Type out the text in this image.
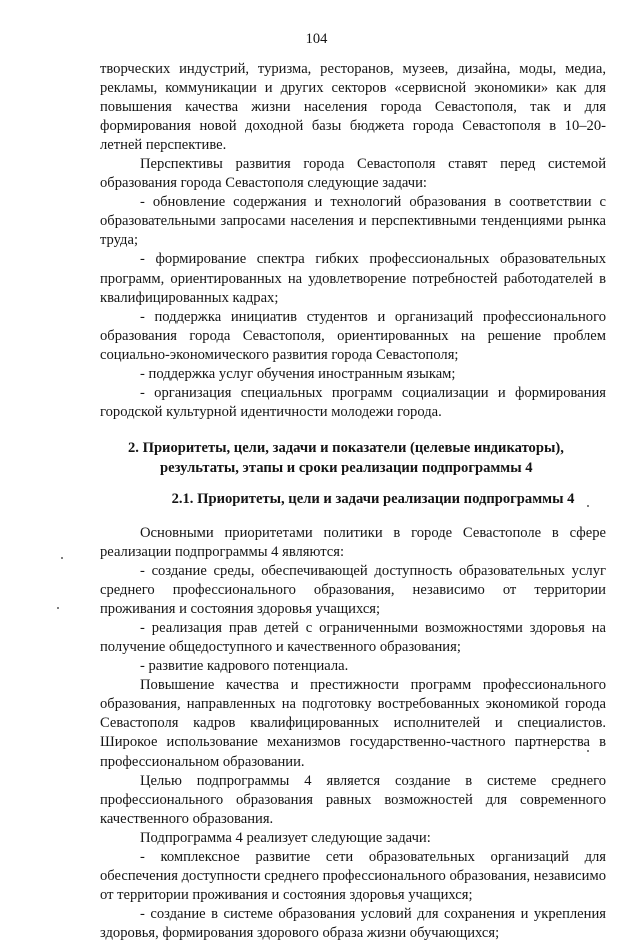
104

творческих индустрий, туризма, ресторанов, музеев, дизайна, моды, медиа, рекламы, коммуникации и других секторов «сервисной экономики» как для повышения качества жизни населения города Севастополя, так и для формирования новой доходной базы бюджета города Севастополя в 10–20-летней перспективе.

Перспективы развития города Севастополя ставят перед системой образования города Севастополя следующие задачи:

- обновление содержания и технологий образования в соответствии с образовательными запросами населения и перспективными тенденциями рынка труда;

- формирование спектра гибких профессиональных образовательных программ, ориентированных на удовлетворение потребностей работодателей в квалифицированных кадрах;

- поддержка инициатив студентов и организаций профессионального образования города Севастополя, ориентированных на решение проблем социально-экономического развития города Севастополя;

- поддержка услуг обучения иностранным языкам;

- организация специальных программ социализации и формирования городской культурной идентичности молодежи города.

2. Приоритеты, цели, задачи и показатели (целевые индикаторы),
результаты, этапы и сроки реализации подпрограммы 4

2.1. Приоритеты, цели и задачи реализации подпрограммы 4

Основными приоритетами политики в городе Севастополе в сфере реализации подпрограммы 4 являются:

- создание среды, обеспечивающей доступность образовательных услуг среднего профессионального образования, независимо от территории проживания и состояния здоровья учащихся;

- реализация прав детей с ограниченными возможностями здоровья на получение общедоступного и качественного образования;

- развитие кадрового потенциала.

Повышение качества и престижности программ профессионального образования, направленных на подготовку востребованных экономикой города Севастополя кадров квалифицированных исполнителей и специалистов. Широкое использование механизмов государственно-частного партнерства в профессиональном образовании.

Целью подпрограммы 4 является создание в системе среднего профессионального образования равных возможностей для современного качественного образования.

Подпрограмма 4 реализует следующие задачи:

- комплексное развитие сети образовательных организаций для обеспечения доступности среднего профессионального образования, независимо от территории проживания и состояния здоровья учащихся;

- создание в системе образования условий для сохранения и укрепления здоровья, формирования здорового образа жизни обучающихся;
